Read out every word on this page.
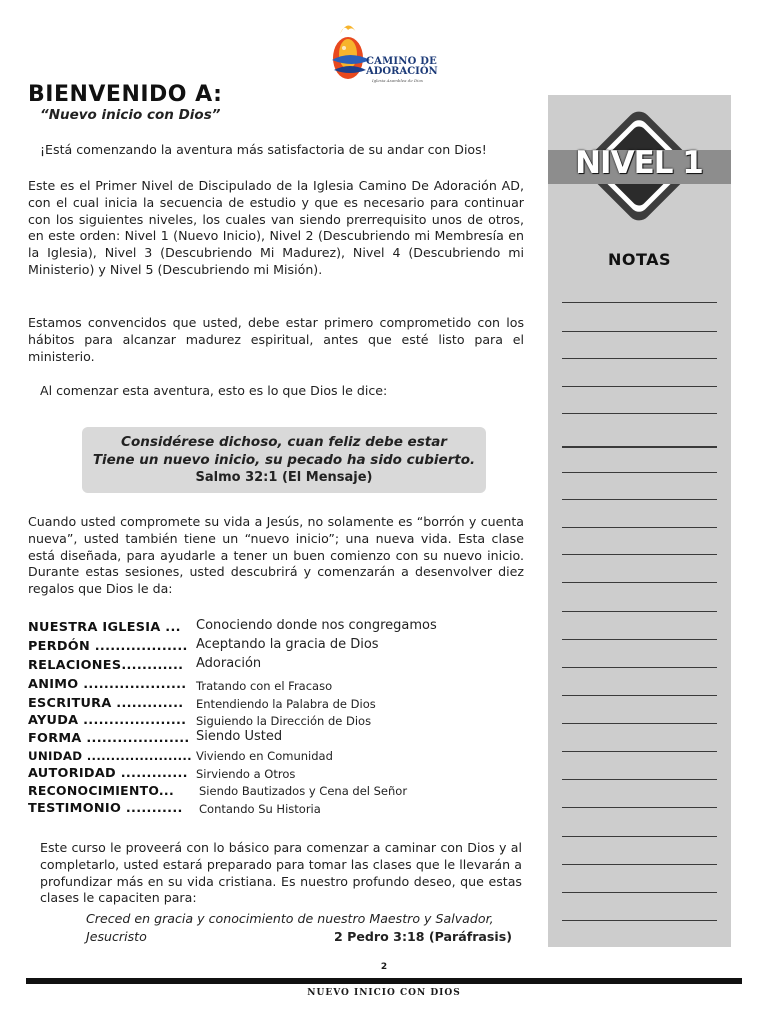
CAMINO DE
ADORACIÓN
Iglesia Asamblea de Dios
BIENVENIDO A:
“Nuevo inicio con Dios”
¡Está comenzando la aventura más satisfactoria de su andar con Dios!
Este es el Primer Nivel de Discipulado de la Iglesia Camino De Adoración AD, con el cual inicia la secuencia de estudio y que es necesario para continuar con los siguientes niveles, los cuales van siendo prerrequisito unos de otros, en este orden: Nivel 1 (Nuevo Inicio), Nivel 2 (Descubriendo mi Membresía en la Iglesia), Nivel 3 (Descubriendo Mi Madurez), Nivel 4 (Descubriendo mi Ministerio) y Nivel 5 (Descubriendo mi Misión).
Estamos convencidos que usted, debe estar primero comprometido con los hábitos para alcanzar madurez espiritual, antes que esté listo para el ministerio.
Al comenzar esta aventura, esto es lo que Dios le dice:
Considérese dichoso, cuan feliz debe estar
Tiene un nuevo inicio, su pecado ha sido cubierto.
Salmo 32:1 (El Mensaje)
Cuando usted compromete su vida a Jesús, no solamente es “borrón y cuenta nueva”, usted también tiene un “nuevo inicio”; una nueva vida. Esta clase está diseñada, para ayudarle a tener un buen comienzo con su nuevo inicio. Durante estas sesiones, usted descubrirá y comenzarán a desenvolver diez regalos que Dios le da:
NUESTRA IGLESIA ...	Conociendo donde nos congregamos
PERDÓN .................. Aceptando la gracia de Dios
RELACIONES............ Adoración
ANIMO .................... Tratando con el Fracaso
ESCRITURA .............	Entendiendo la Palabra de Dios
AYUDA .................... Siguiendo la Dirección de Dios
FORMA .................... Siendo Usted
UNIDAD ...................... Viviendo en Comunidad
AUTORIDAD ............. Sirviendo a Otros
RECONOCIMIENTO...	Siendo Bautizados y Cena del Señor
TESTIMONIO ...........	Contando Su Historia
Este curso le proveerá con lo básico para comenzar a caminar con Dios y al completarlo, usted estará preparado para tomar las clases que le llevarán a profundizar más en su vida cristiana. Es nuestro profundo deseo, que estas clases le capaciten para:
Creced en gracia y conocimiento de nuestro Maestro y Salvador,
Jesucristo	2 Pedro 3:18 (Paráfrasis)
2
NUEVO INICIO CON DIOS
NIVEL 1
NOTAS
